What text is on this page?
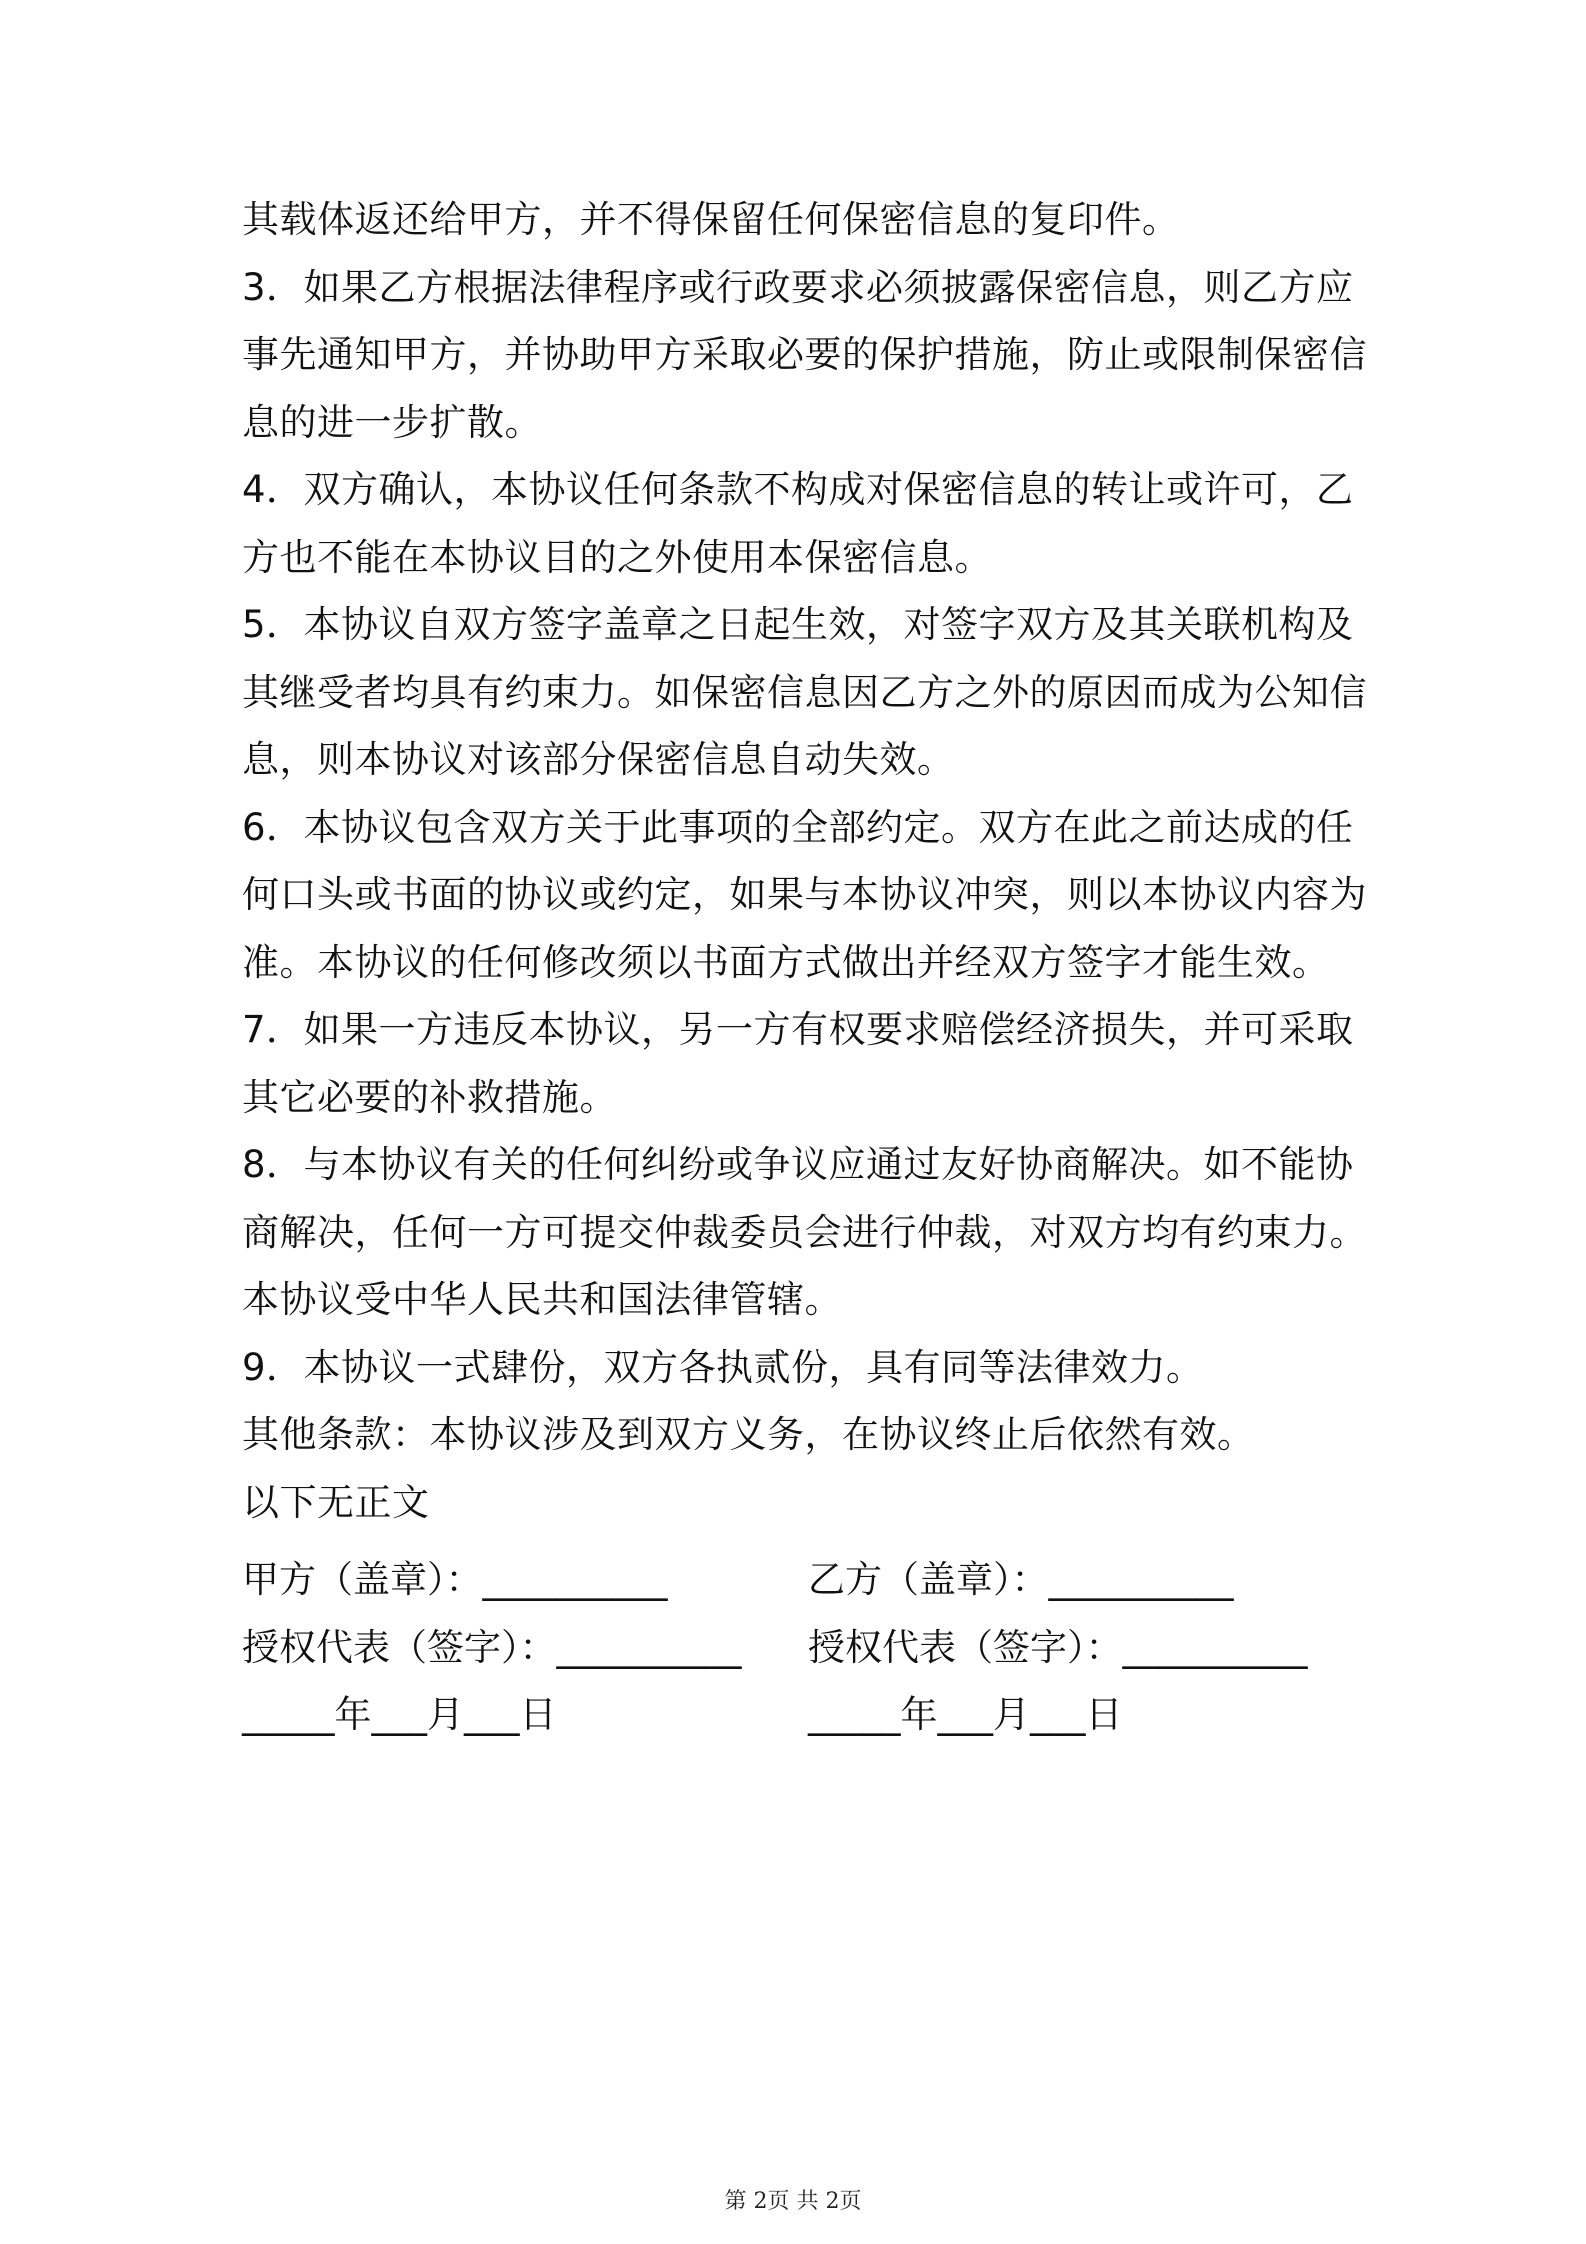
其载体返还给甲方，并不得保留任何保密信息的复印件。
3．如果乙方根据法律程序或行政要求必须披露保密信息，则乙方应
事先通知甲方，并协助甲方采取必要的保护措施，防止或限制保密信
息的进一步扩散。
4．双方确认，本协议任何条款不构成对保密信息的转让或许可，乙
方也不能在本协议目的之外使用本保密信息。
5．本协议自双方签字盖章之日起生效，对签字双方及其关联机构及
其继受者均具有约束力。如保密信息因乙方之外的原因而成为公知信
息，则本协议对该部分保密信息自动失效。
6．本协议包含双方关于此事项的全部约定。双方在此之前达成的任
何口头或书面的协议或约定，如果与本协议冲突，则以本协议内容为
准。本协议的任何修改须以书面方式做出并经双方签字才能生效。
7．如果一方违反本协议，另一方有权要求赔偿经济损失，并可采取
其它必要的补救措施。
8．与本协议有关的任何纠纷或争议应通过友好协商解决。如不能协
商解决，任何一方可提交仲裁委员会进行仲裁，对双方均有约束力。
本协议受中华人民共和国法律管辖。
9．本协议一式肆份，双方各执贰份，具有同等法律效力。
其他条款：本协议涉及到双方义务，在协议终止后依然有效。
以下无正文
甲方（盖章）：__________	乙方（盖章）：__________
授权代表（签字）：__________ 授权代表（签字）：__________
_____年___月___日	_____年___月___日
第 2页 共 2页
